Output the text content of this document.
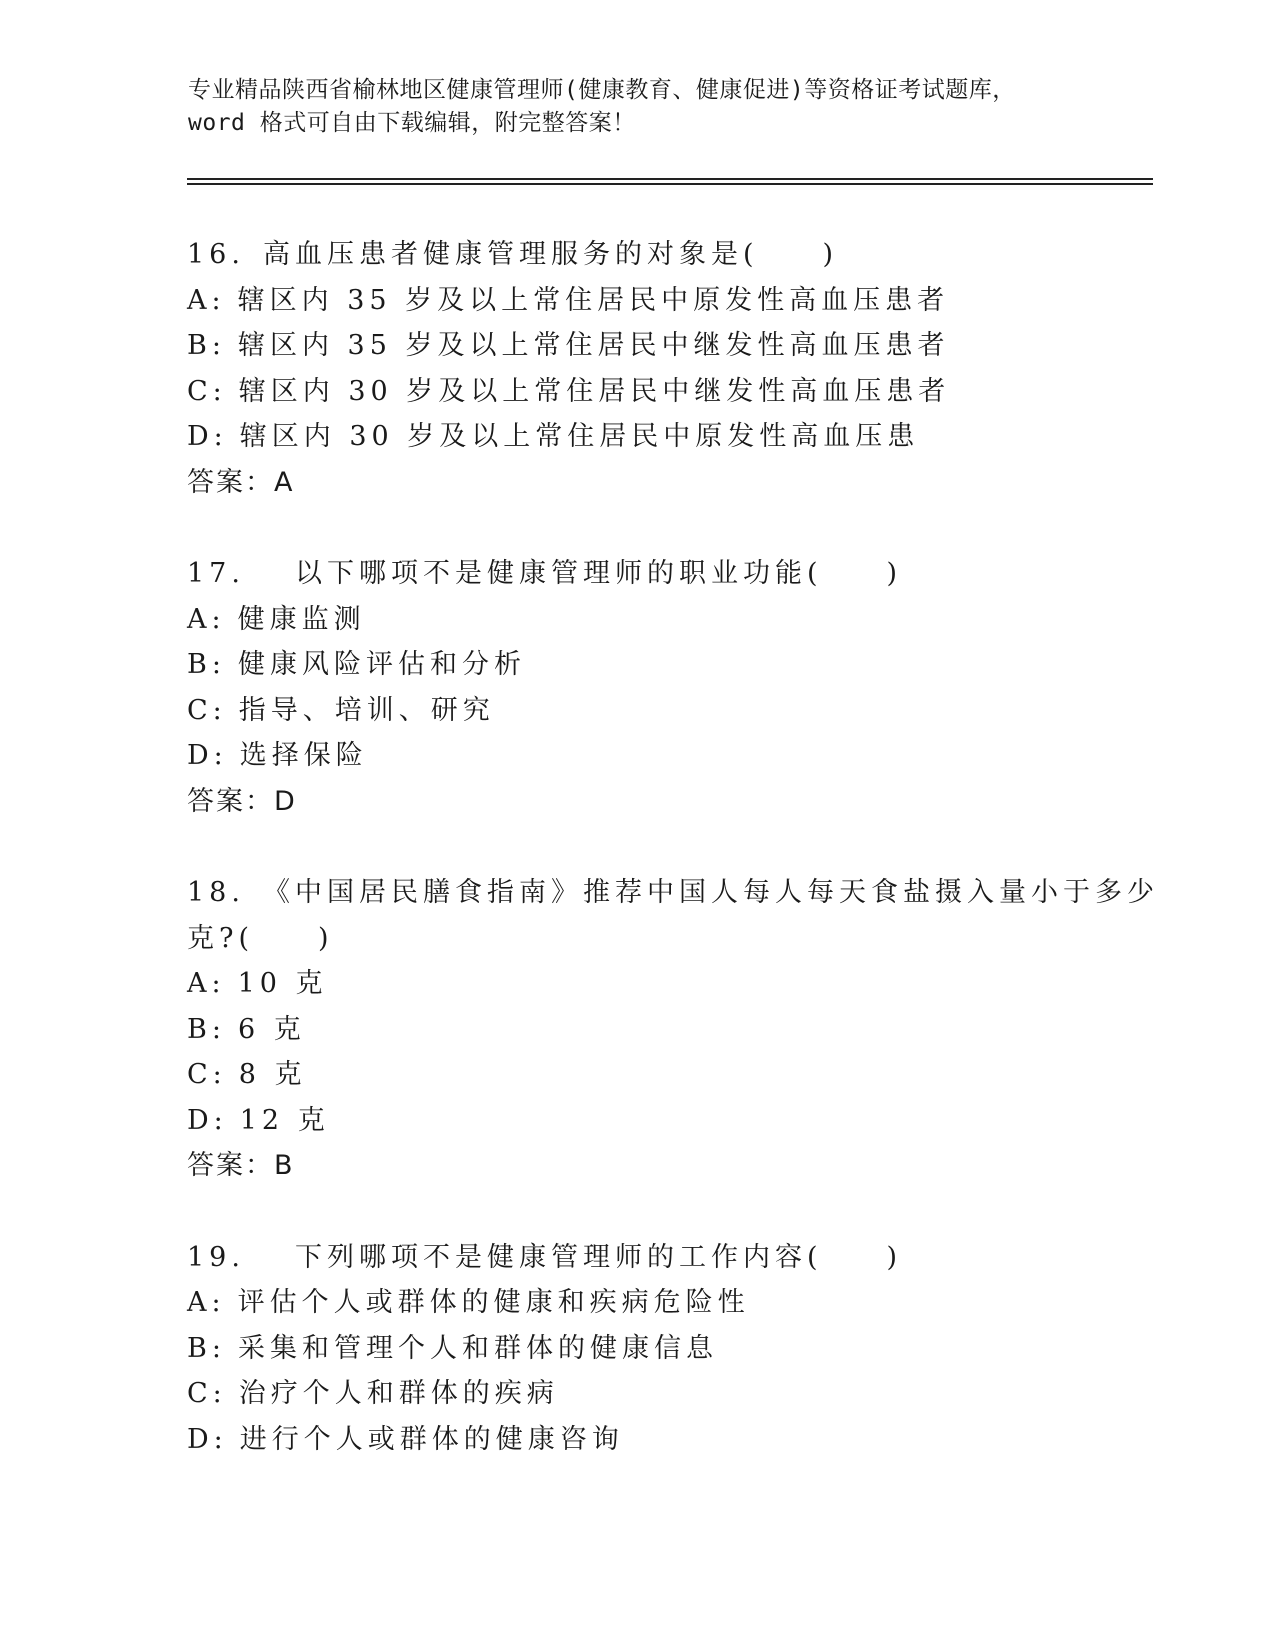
专业精品陕西省榆林地区健康管理师(健康教育、健康促进)等资格证考试题库，
word 格式可自由下载编辑，附完整答案！
16. 高血压患者健康管理服务的对象是(　　)
A: 辖区内 35 岁及以上常住居民中原发性高血压患者
B: 辖区内 35 岁及以上常住居民中继发性高血压患者
C: 辖区内 30 岁及以上常住居民中继发性高血压患者
D: 辖区内 30 岁及以上常住居民中原发性高血压患
答案：A
17.　以下哪项不是健康管理师的职业功能(　　)
A: 健康监测
B: 健康风险评估和分析
C: 指导、培训、研究
D: 选择保险
答案：D
18. 《中国居民膳食指南》推荐中国人每人每天食盐摄入量小于多少
克?(　　)
A: 10 克
B: 6 克
C: 8 克
D: 12 克
答案：B
19.　下列哪项不是健康管理师的工作内容(　　)
A: 评估个人或群体的健康和疾病危险性
B: 采集和管理个人和群体的健康信息
C: 治疗个人和群体的疾病
D: 进行个人或群体的健康咨询
